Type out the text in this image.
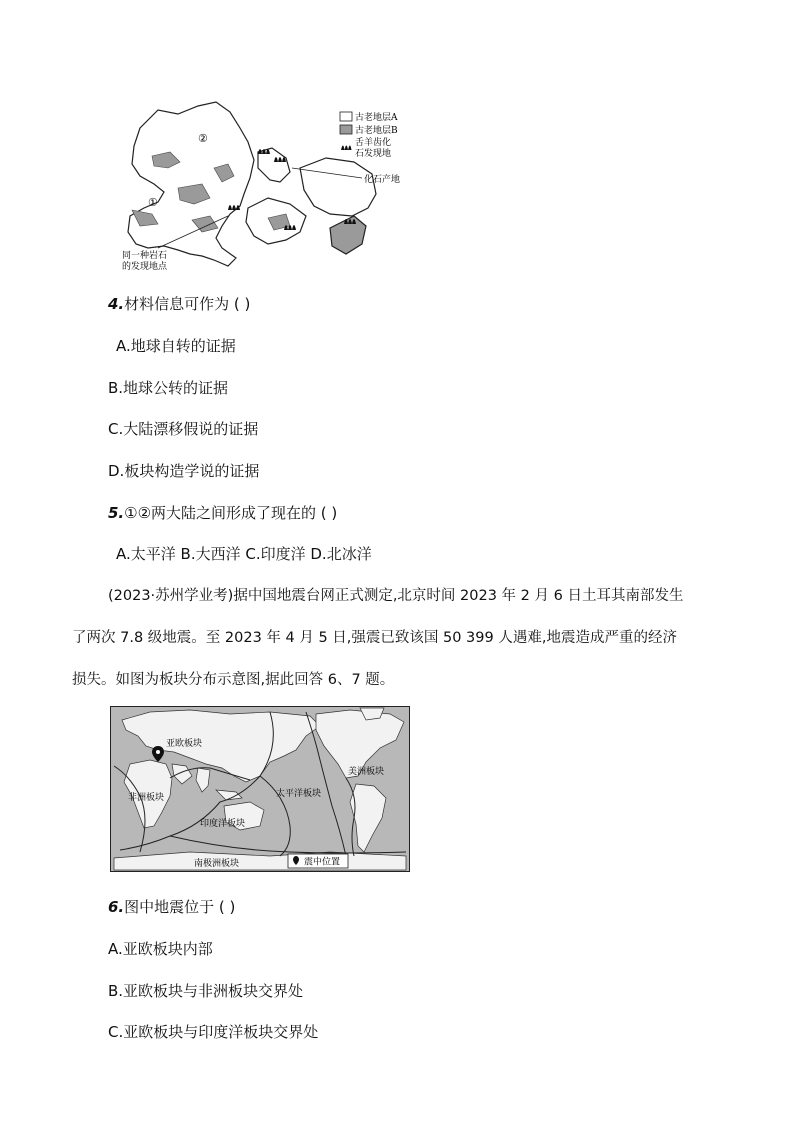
②
①
古老地层A
古老地层B
舌羊齿化
石发现地
化石产地
同一种岩石
的发现地点
4.材料信息可作为 ( )
A.地球自转的证据
B.地球公转的证据
C.大陆漂移假说的证据
D.板块构造学说的证据
5.①②两大陆之间形成了现在的 ( )
A.太平洋 B.大西洋 C.印度洋 D.北冰洋
(2023·苏州学业考)据中国地震台网正式测定,北京时间 2023 年 2 月 6 日土耳其南部发生
了两次 7.8 级地震。至 2023 年 4 月 5 日,强震已致该国 50 399 人遇难,地震造成严重的经济
损失。如图为板块分布示意图,据此回答 6、7 题。
亚欧板块
非洲板块
印度洋板块
太平洋板块
美洲板块
南极洲板块	震中位置
6.图中地震位于 ( )
A.亚欧板块内部
B.亚欧板块与非洲板块交界处
C.亚欧板块与印度洋板块交界处
